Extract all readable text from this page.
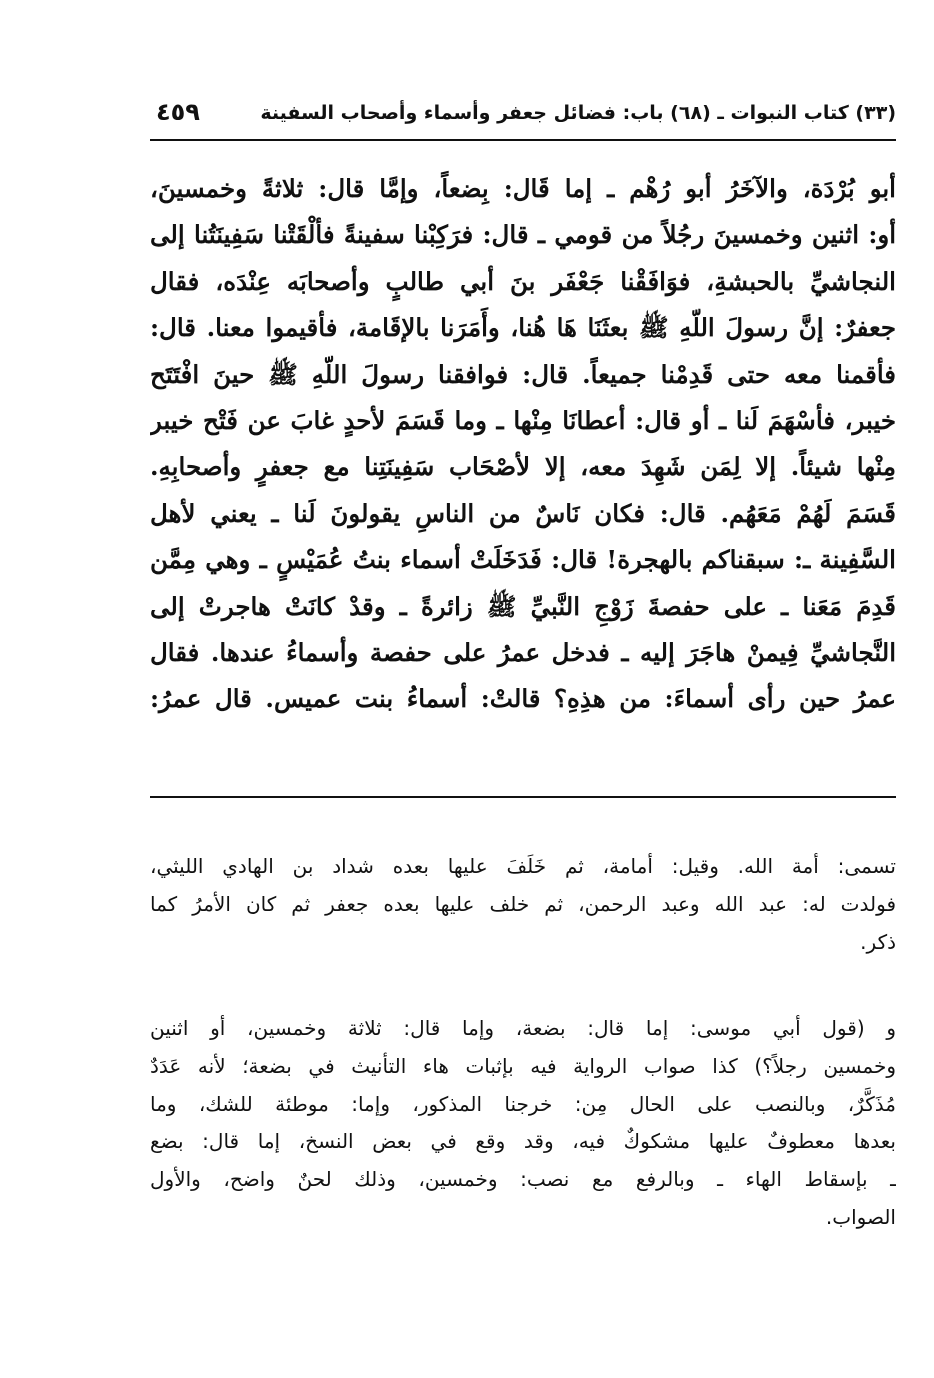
(٣٣) كتاب النبوات ـ (٦٨) باب: فضائل جعفر وأسماء وأصحاب السفينة
٤٥٩
أبو بُرْدَة، والآخَرُ أبو رُهْم ـ إما قَال: بِضعاً، وإمَّا قال: ثلاثةً وخمسينَ،
أو: اثنين وخمسينَ رجُلاً من قومي ـ قال: فرَكِبْنا سفينةً فألْقَتْنا سَفِينَتُنا إلى
النجاشيِّ بالحبشةِ، فوَافَقْنا جَعْفَر بنَ أبي طالبٍ وأصحابَه عِنْدَه، فقال
جعفرٌ: إنَّ رسولَ اللّهِ ﷺ بعثَنَا هَا هُنا، وأَمَرَنا بالإقَامة، فأقيموا معنا. قال:
فأقمنا معه حتى قَدِمْنا جميعاً. قال: فوافقنا رسولَ اللّهِ ﷺ حينَ افْتَتَح
خيبر، فأسْهَمَ لَنا ـ أو قال: أعطانَا مِنْها ـ وما قَسَمَ لأحدٍ غابَ عن فَتْح خيبر
مِنْها شيئاً. إلا لِمَن شَهِدَ معه، إلا لأصْحَاب سَفِينَتِنا مع جعفرٍ وأصحابِهِ.
قَسَمَ لَهُمْ مَعَهُم. قال: فكان نَاسٌ من الناسِ يقولونَ لَنا ـ يعني لأهل
السَّفِينة ـ: سبقناكم بالهجرة! قال: فَدَخَلَتْ أسماء بنتُ عُمَيْسٍ ـ وهي مِمَّن
قَدِمَ مَعَنا ـ على حفصةَ زَوْجِ النَّبيِّ ﷺ زائرةً ـ وقدْ كانَتْ هاجرتْ إلى
النَّجاشيِّ فِيمنْ هاجَرَ إليه ـ فدخل عمرُ على حفصة وأسماءُ عندها. فقال
عمرُ حين رأى أسماءَ: من هذِهِ؟ قالتْ: أسماءُ بنت عميس. قال عمرُ:
تسمى: أمة الله. وقيل: أمامة، ثم خَلَفَ عليها بعده شداد بن الهادي الليثي،
فولدت له: عبد الله وعبد الرحمن، ثم خلف عليها بعده جعفر ثم كان الأمرُ كما
ذكر.
و (قول أبي موسى: إما قال: بضعة، وإما قال: ثلاثة وخمسين، أو اثنين
وخمسين رجلاً؟) كذا صواب الرواية فيه بإثبات هاء التأنيث في بضعة؛ لأنه عَدَدٌ
مُذَكَّرٌ، وبالنصب على الحال مِن: خرجنا المذكور، وإما: موطئة للشك، وما
بعدها معطوفٌ عليها مشكوكٌ فيه، وقد وقع في بعض النسخ، إما قال: بضع
ـ بإسقاط الهاء ـ وبالرفع مع نصب: وخمسين، وذلك لحنٌ واضح، والأول
الصواب.
